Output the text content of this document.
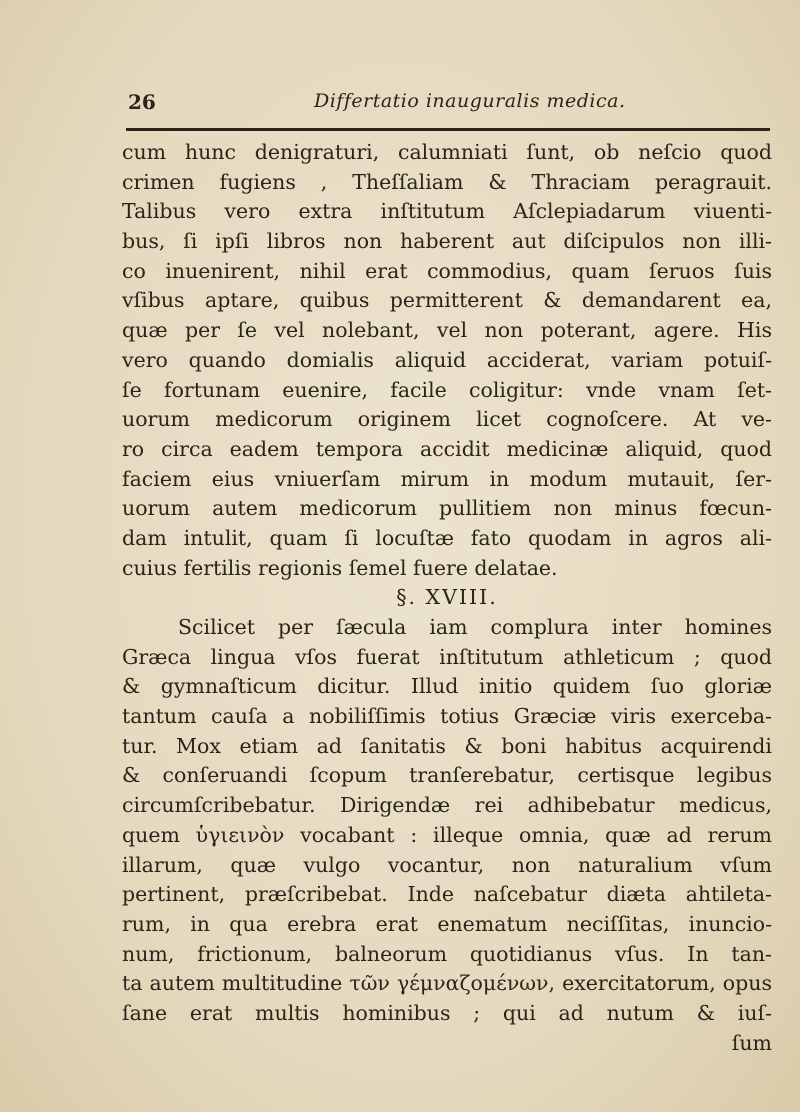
26	Differtatio inauguralis medica.
cum hunc denigraturi, calumniati ſunt, ob neſcio quod
crimen fugiens , Theſſaliam & Thraciam peragrauit.
Talibus vero extra inſtitutum Aſclepiadarum viuenti-
bus, ſi ipſi libros non haberent aut diſcipulos non illi-
co inuenirent, nihil erat commodius, quam ſeruos ſuis
vſibus aptare, quibus permitterent & demandarent ea,
quæ per ſe vel nolebant, vel non poterant, agere. His
vero quando domialis aliquid acciderat, variam potuiſ-
ſe fortunam euenire, facile coligitur: vnde vnam ſet-
uorum medicorum originem licet cognoſcere. At ve-
ro circa eadem tempora accidit medicinæ aliquid, quod
faciem eius vniuerſam mirum in modum mutauit, ſer-
uorum autem medicorum pullitiem non minus fœcun-
dam intulit, quam ſi locuſtæ fato quodam in agros ali-
cuius fertilis regionis ſemel fuere delatae.
§. XVIII.
Scilicet per ſæcula iam complura inter homines
Græca lingua vſos fuerat inſtitutum athleticum ; quod
& gymnaſticum dicitur. Illud initio quidem ſuo gloriæ
tantum cauſa a nobiliſſimis totius Græciæ viris exerceba-
tur. Mox etiam ad ſanitatis & boni habitus acquirendi
& conſeruandi ſcopum tranſerebatur, certisque legibus
circumſcribebatur. Dirigendæ rei adhibebatur medicus,
quem ὑγιεινὸν vocabant : illeque omnia, quæ ad rerum
illarum, quæ vulgo vocantur, non naturalium vſum
pertinent, præſcribebat. Inde naſcebatur diæta ahtileta-
rum, in qua erebra erat enematum neciſſitas, inuncio-
num, frictionum, balneorum quotidianus vſus. In tan-
ta autem multitudine τῶν γέμναζομένων, exercitatorum, opus
ſane erat multis hominibus ; qui ad nutum & iuſ-
ſum
